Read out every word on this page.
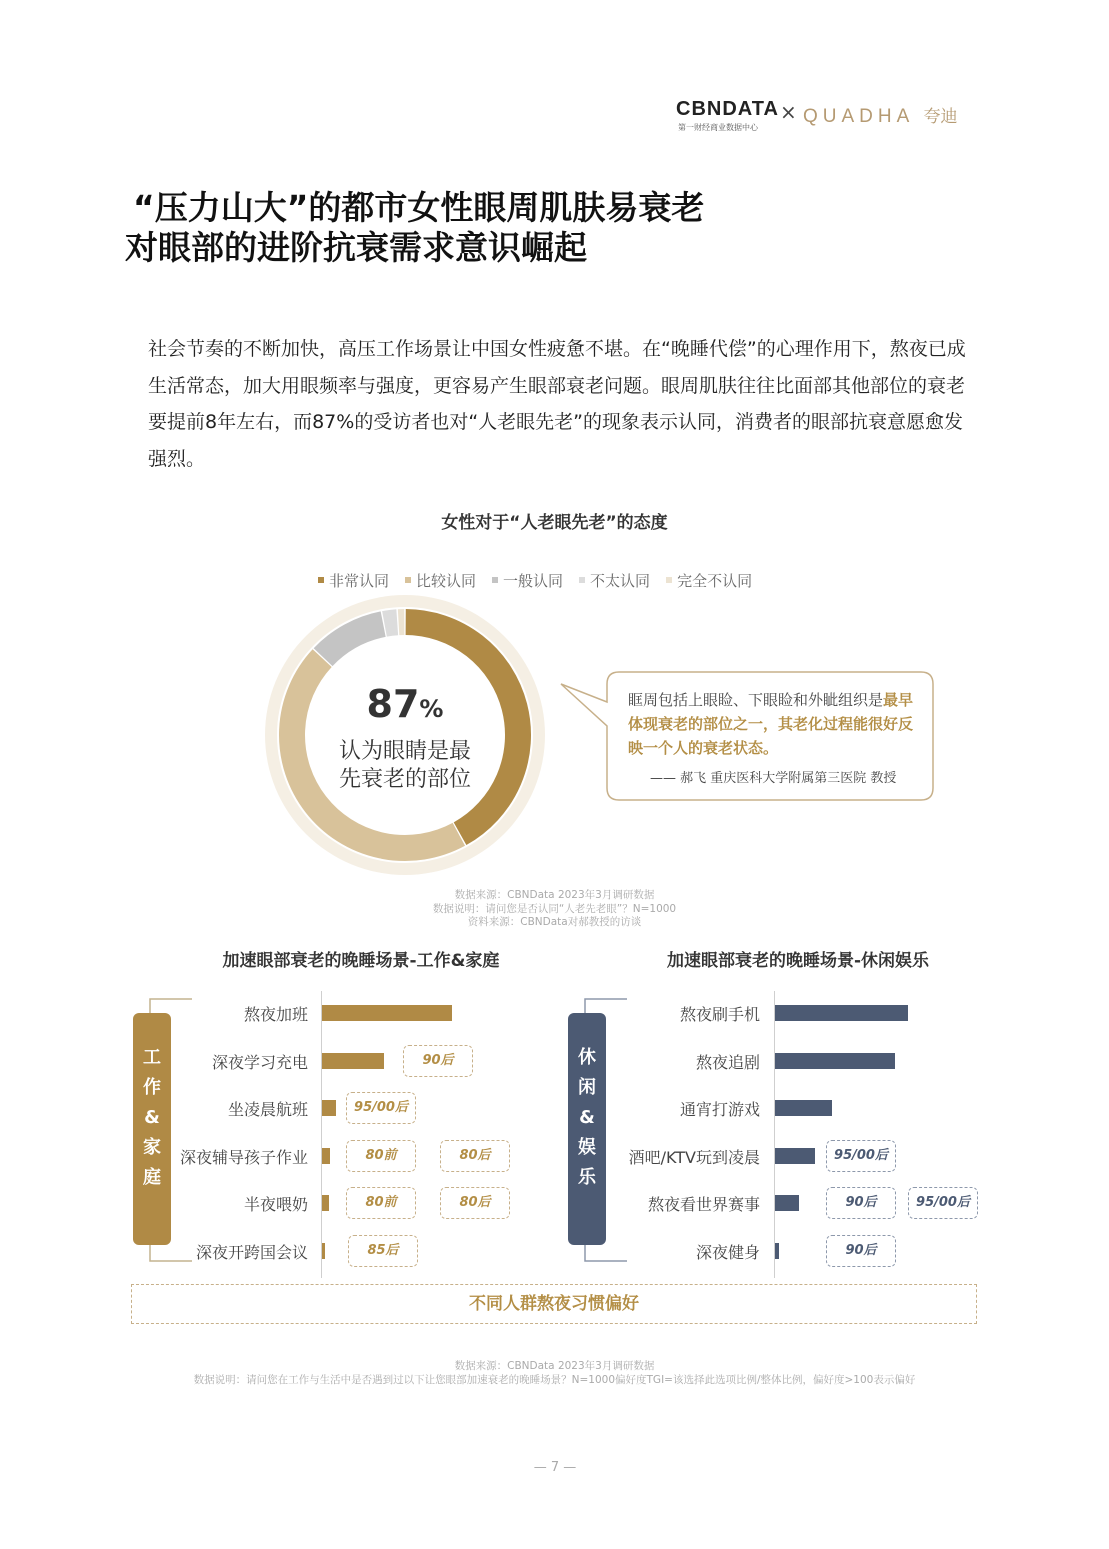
CBNDATA
第一财经商业数据中心
× QUADHA 夸迪
“压力山大”的都市女性眼周肌肤易衰老
对眼部的进阶抗衰需求意识崛起
社会节奏的不断加快，高压工作场景让中国女性疲惫不堪。在“晚睡代偿”的心理作用下，熬夜已成生活常态，加大用眼频率与强度，更容易产生眼部衰老问题。眼周肌肤往往比面部其他部位的衰老要提前8年左右，而87%的受访者也对“人老眼先老”的现象表示认同，消费者的眼部抗衰意愿愈发强烈。
女性对于“人老眼先老”的态度
非常认同 比较认同 一般认同 不太认同 完全不认同
87%
认为眼睛是最
先衰老的部位
眶周包括上眼睑、下眼睑和外眦组织是最早体现衰老的部位之一，其老化过程能很好反映一个人的衰老状态。
—— 郝飞 重庆医科大学附属第三医院 教授
数据来源：CBNData 2023年3月调研数据
数据说明：请问您是否认同“人老先老眼”？N=1000
资料来源：CBNData对郝教授的访谈
加速眼部衰老的晚睡场景-工作&家庭	加速眼部衰老的晚睡场景-休闲娱乐
工
作
&
家
庭
休
闲
&
娱
乐
熬夜加班
深夜学习充电	90后
坐凌晨航班	95/00后
深夜辅导孩子作业	80前	80后
半夜喂奶	80前	80后
深夜开跨国会议	85后
熬夜刷手机
熬夜追剧
通宵打游戏
酒吧/KTV玩到凌晨	95/00后
熬夜看世界赛事	90后	95/00后
深夜健身	90后
不同人群熬夜习惯偏好
数据来源：CBNData 2023年3月调研数据
数据说明：请问您在工作与生活中是否遇到过以下让您眼部加速衰老的晚睡场景？N=1000偏好度TGI=该选择此选项比例/整体比例，偏好度>100表示偏好
— 7 —
